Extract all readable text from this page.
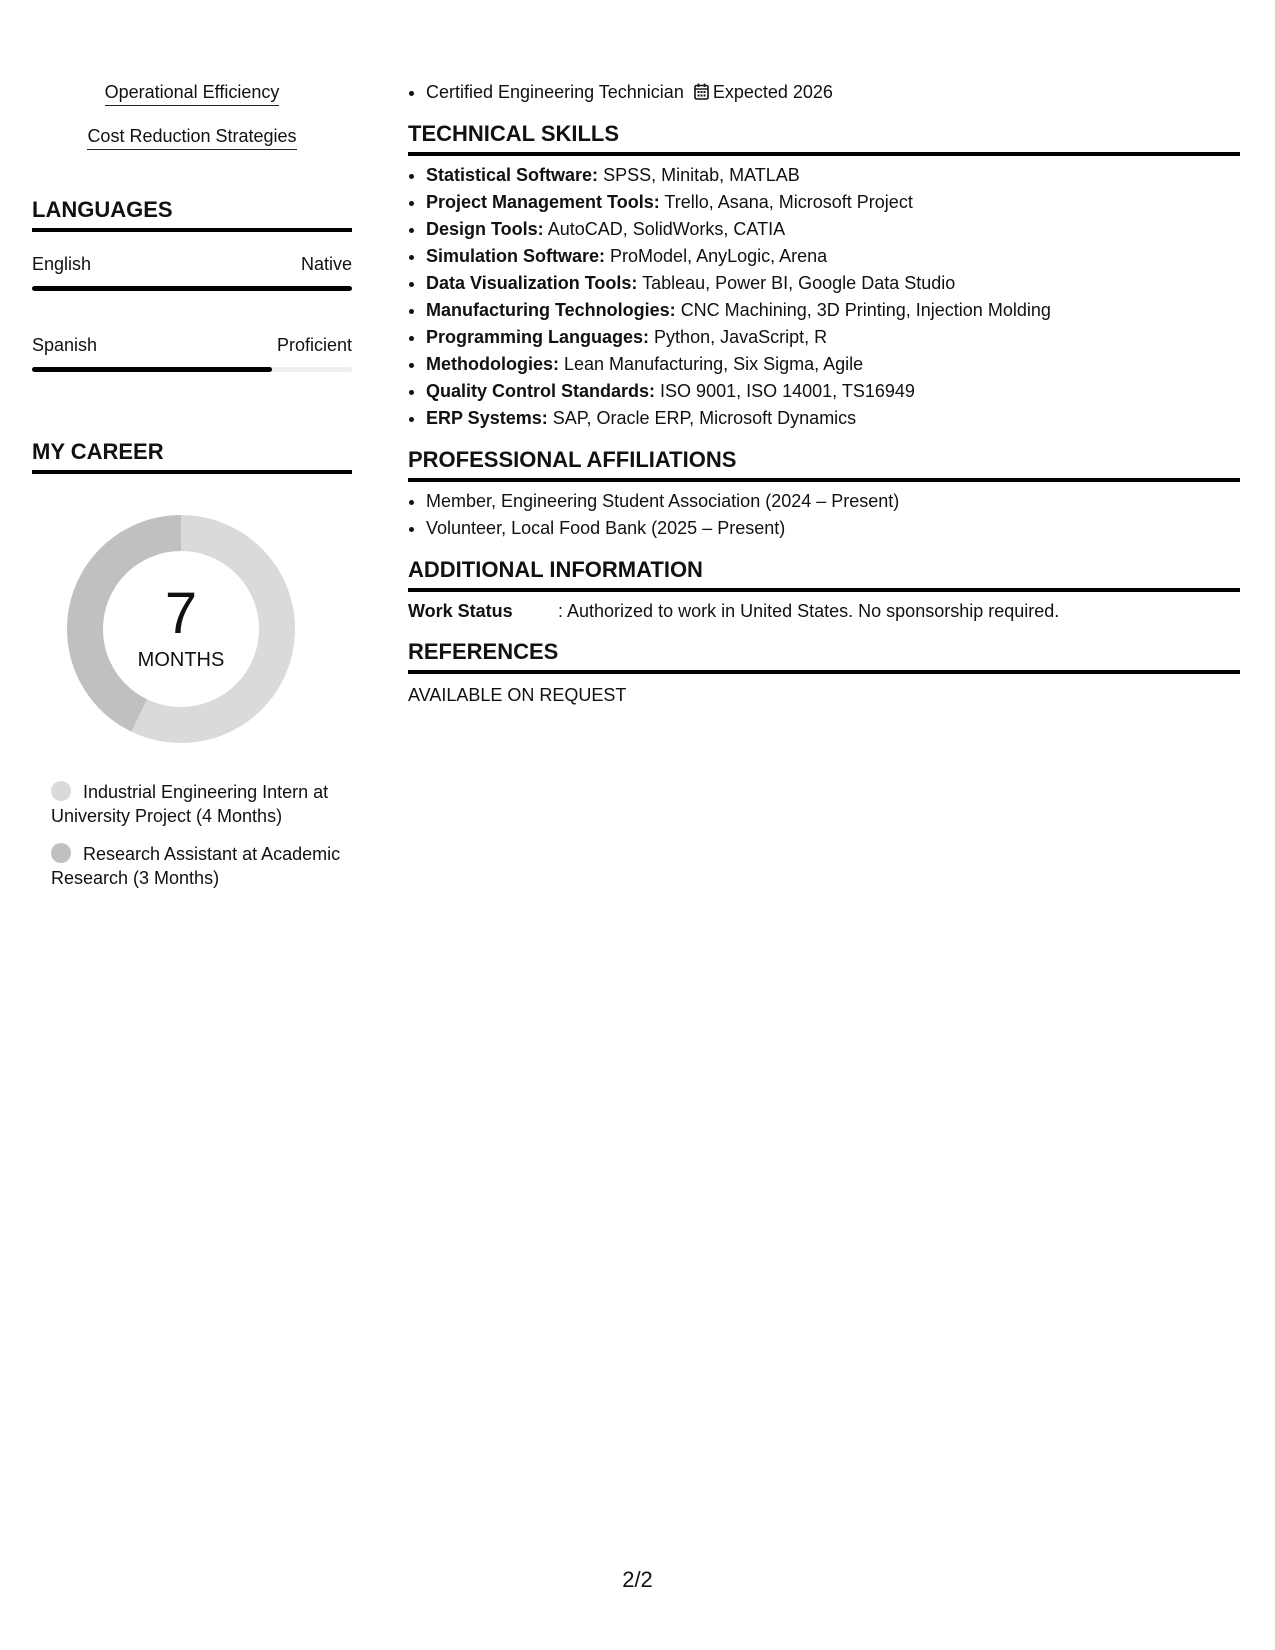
Operational Efficiency
Cost Reduction Strategies
LANGUAGES
English	Native
Spanish	Proficient
MY CAREER
7
MONTHS
Industrial Engineering Intern at University Project (4 Months)
Research Assistant at Academic Research (3 Months)
• Certified Engineering Technician Expected 2026
TECHNICAL SKILLS
• Statistical Software: SPSS, Minitab, MATLAB
• Project Management Tools: Trello, Asana, Microsoft Project
• Design Tools: AutoCAD, SolidWorks, CATIA
• Simulation Software: ProModel, AnyLogic, Arena
• Data Visualization Tools: Tableau, Power BI, Google Data Studio
• Manufacturing Technologies: CNC Machining, 3D Printing, Injection Molding
• Programming Languages: Python, JavaScript, R
• Methodologies: Lean Manufacturing, Six Sigma, Agile
• Quality Control Standards: ISO 9001, ISO 14001, TS16949
• ERP Systems: SAP, Oracle ERP, Microsoft Dynamics
PROFESSIONAL AFFILIATIONS
• Member, Engineering Student Association (2024 – Present)
• Volunteer, Local Food Bank (2025 – Present)
ADDITIONAL INFORMATION
Work Status	: Authorized to work in United States. No sponsorship required.
REFERENCES
AVAILABLE ON REQUEST
2/2
